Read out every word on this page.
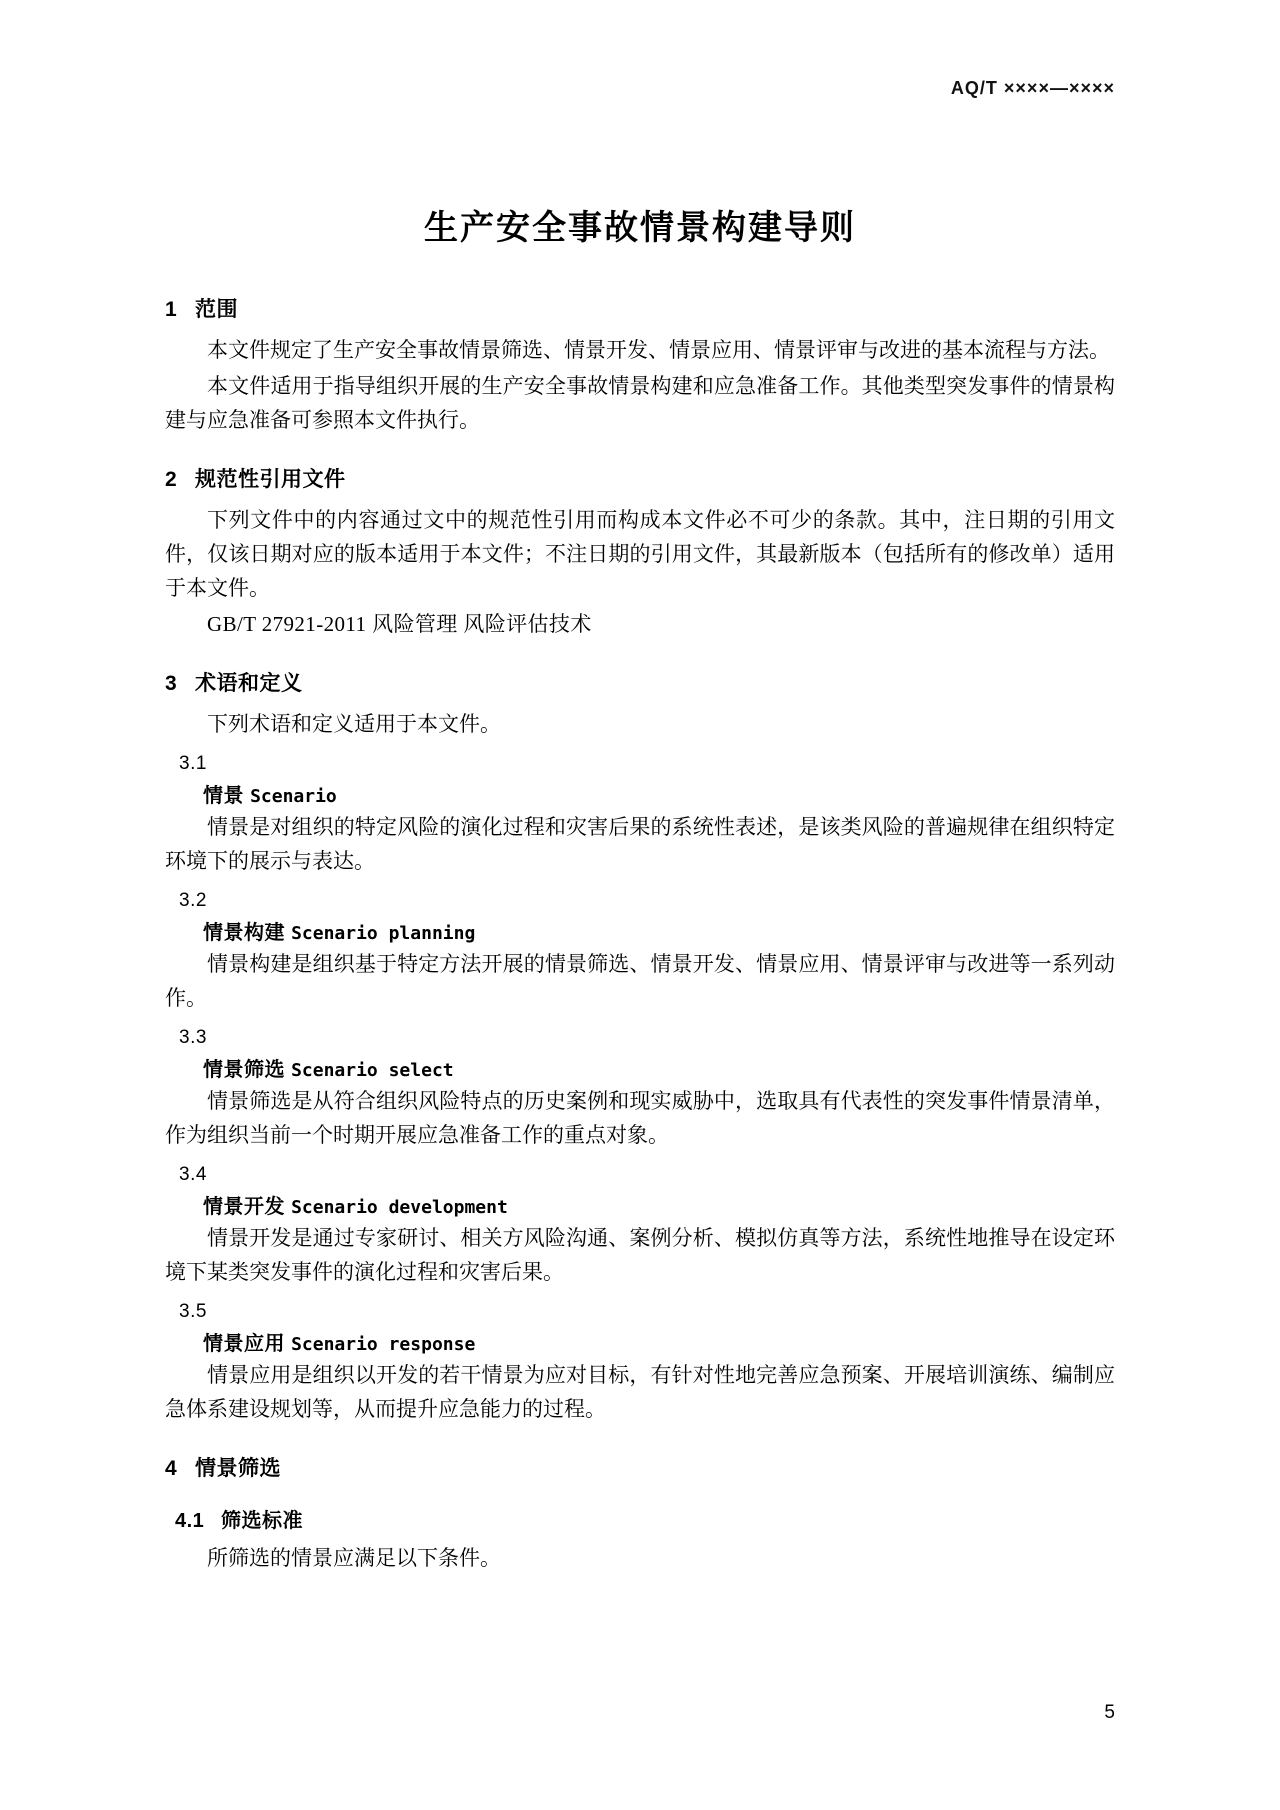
AQ/T ××××—××××
生产安全事故情景构建导则
1 范围

本文件规定了生产安全事故情景筛选、情景开发、情景应用、情景评审与改进的基本流程与方法。

本文件适用于指导组织开展的生产安全事故情景构建和应急准备工作。其他类型突发事件的情景构建与应急准备可参照本文件执行。

2 规范性引用文件

下列文件中的内容通过文中的规范性引用而构成本文件必不可少的条款。其中，注日期的引用文件，仅该日期对应的版本适用于本文件；不注日期的引用文件，其最新版本（包括所有的修改单）适用于本文件。

GB/T 27921-2011 风险管理 风险评估技术

3 术语和定义

下列术语和定义适用于本文件。

3.1
情景 Scenario

情景是对组织的特定风险的演化过程和灾害后果的系统性表述，是该类风险的普遍规律在组织特定环境下的展示与表达。

3.2
情景构建 Scenario planning

情景构建是组织基于特定方法开展的情景筛选、情景开发、情景应用、情景评审与改进等一系列动作。

3.3
情景筛选 Scenario select

情景筛选是从符合组织风险特点的历史案例和现实威胁中，选取具有代表性的突发事件情景清单，作为组织当前一个时期开展应急准备工作的重点对象。

3.4
情景开发 Scenario development

情景开发是通过专家研讨、相关方风险沟通、案例分析、模拟仿真等方法，系统性地推导在设定环境下某类突发事件的演化过程和灾害后果。

3.5
情景应用 Scenario response

情景应用是组织以开发的若干情景为应对目标，有针对性地完善应急预案、开展培训演练、编制应急体系建设规划等，从而提升应急能力的过程。

4 情景筛选
4.1 筛选标准

所筛选的情景应满足以下条件。

5
